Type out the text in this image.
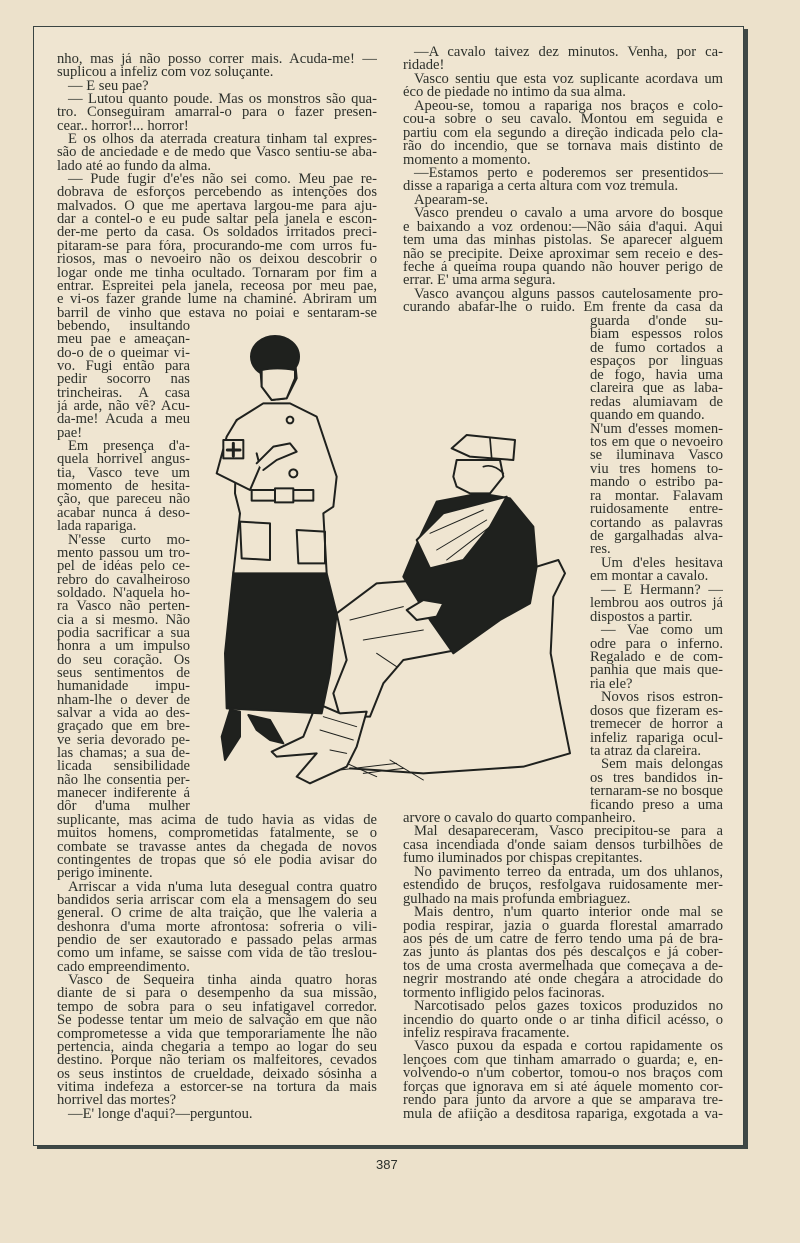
nho, mas já não posso correr mais. Acuda-me! —
suplicou a infeliz com voz soluçante.
— E seu pae?
— Lutou quanto poude. Mas os monstros são qua-
tro. Conseguiram amarral-o para o fazer presen-
cear.. horror!... horror!
E os olhos da aterrada creatura tinham tal expres-
são de anciedade e de medo que Vasco sentiu-se aba-
lado até ao fundo da alma.
— Pude fugir d'e'es não sei como. Meu pae re-
dobrava de esforços percebendo as intenções dos
malvados. O que me apertava largou-me para aju-
dar a contel-o e eu pude saltar pela janela e escon-
der-me perto da casa. Os soldados irritados preci-
pitaram-se para fóra, procurando-me com urros fu-
riosos, mas o nevoeiro não os deixou descobrir o
logar onde me tinha ocultado. Tornaram por fim a
entrar. Espreitei pela janela, receosa por meu pae,
e vi-os fazer grande lume na chaminé. Abriram um
barril de vinho que estava no poiai e sentaram-se
bebendo, insultando
meu pae e ameaçan-
do-o de o queimar vi-
vo. Fugi então para
pedir socorro nas
trincheiras. A casa
já arde, não vê? Acu-
da-me! Acuda a meu
pae!
Em presença d'a-
quela horrivel angus-
tia, Vasco teve um
momento de hesita-
ção, que pareceu não
acabar nunca á deso-
lada rapariga.
N'esse curto mo-
mento passou um tro-
pel de idéas pelo ce-
rebro do cavalheiroso
soldado. N'aquela ho-
ra Vasco não perten-
cia a si mesmo. Não
podia sacrificar a sua
honra a um impulso
do seu coração. Os
seus sentimentos de
humanidade impu-
nham-lhe o dever de
salvar a vida ao des-
graçado que em bre-
ve seria devorado pe-
las chamas; a sua de-
licada sensibilidade
não lhe consentia per-
manecer indiferente á
dôr d'uma mulher
suplicante, mas acima de tudo havia as vidas de
muitos homens, comprometidas fatalmente, se o
combate se travasse antes da chegada de novos
contingentes de tropas que só ele podia avisar do
perigo iminente.
Arriscar a vida n'uma luta desegual contra quatro
bandidos seria arriscar com ela a mensagem do seu
general. O crime de alta traição, que lhe valeria a
deshonra d'uma morte afrontosa: sofreria o vili-
pendio de ser exautorado e passado pelas armas
como um infame, se saisse com vida de tão treslou-
cado empreendimento.
Vasco de Sequeira tinha ainda quatro horas
diante de si para o desempenho da sua missão,
tempo de sobra para o seu infatigavel corredor.
Se podesse tentar um meio de salvação em que não
comprometesse a vida que temporariamente lhe não
pertencia, ainda chegaria a tempo ao logar do seu
destino. Porque não teriam os malfeitores, cevados
os seus instintos de crueldade, deixado sósinha a
vitima indefeza a estorcer-se na tortura da mais
horrivel das mortes?
—E' longe d'aqui?—perguntou.
—A cavalo taivez dez minutos. Venha, por ca-
ridade!
Vasco sentiu que esta voz suplicante acordava um
éco de piedade no intimo da sua alma.
Apeou-se, tomou a rapariga nos braços e colo-
cou-a sobre o seu cavalo. Montou em seguida e
partiu com ela segundo a direção indicada pelo cla-
rão do incendio, que se tornava mais distinto de
momento a momento.
—Estamos perto e poderemos ser presentidos—
disse a rapariga a certa altura com voz tremula.
Apearam-se.
Vasco prendeu o cavalo a uma arvore do bosque
e baixando a voz ordenou:—Não sáia d'aqui. Aqui
tem uma das minhas pistolas. Se aparecer alguem
não se precipite. Deixe aproximar sem receio e des-
feche á queima roupa quando não houver perigo de
errar. E' uma arma segura.
Vasco avançou alguns passos cautelosamente pro-
curando abafar-lhe o ruido. Em frente da casa da
guarda d'onde su-
biam espessos rolos
de fumo cortados a
espaços por linguas
de fogo, havia uma
clareira que as laba-
redas alumiavam de
quando em quando.
N'um d'esses momen-
tos em que o nevoeiro
se iluminava Vasco
viu tres homens to-
mando o estribo pa-
ra montar. Falavam
ruidosamente entre-
cortando as palavras
de gargalhadas alva-
res.
Um d'eles hesitava
em montar a cavalo.
— E Hermann? —
lembrou aos outros já
dispostos a partir.
— Vae como um
odre para o inferno.
Regalado e de com-
panhia que mais que-
ria ele?
Novos risos estron-
dosos que fizeram es-
tremecer de horror a
infeliz rapariga ocul-
ta atraz da clareira.
Sem mais delongas
os tres bandidos in-
ternaram-se no bosque
ficando preso a uma
arvore o cavalo do quarto companheiro.
Mal desapareceram, Vasco precipitou-se para a
casa incendiada d'onde saiam densos turbilhões de
fumo iluminados por chispas crepitantes.
No pavimento terreo da entrada, um dos uhlanos,
estendido de bruços, resfolgava ruidosamente mer-
gulhado na mais profunda embriaguez.
Mais dentro, n'um quarto interior onde mal se
podia respirar, jazia o guarda florestal amarrado
aos pés de um catre de ferro tendo uma pá de bra-
zas junto ás plantas dos pés descalços e já cober-
tos de uma crosta avermelhada que começava a de-
negrir mostrando até onde chegára a atrocidade do
tormento infligido pelos facinoras.
Narcotisado pelos gazes toxicos produzidos no
incendio do quarto onde o ar tinha dificil acésso, o
infeliz respirava fracamente.
Vasco puxou da espada e cortou rapidamente os
lençoes com que tinham amarrado o guarda; e, en-
volvendo-o n'um cobertor, tomou-o nos braços com
forças que ignorava em si até áquele momento cor-
rendo para junto da arvore a que se amparava tre-
mula de afiição a desditosa rapariga, exgotada a va-
387
